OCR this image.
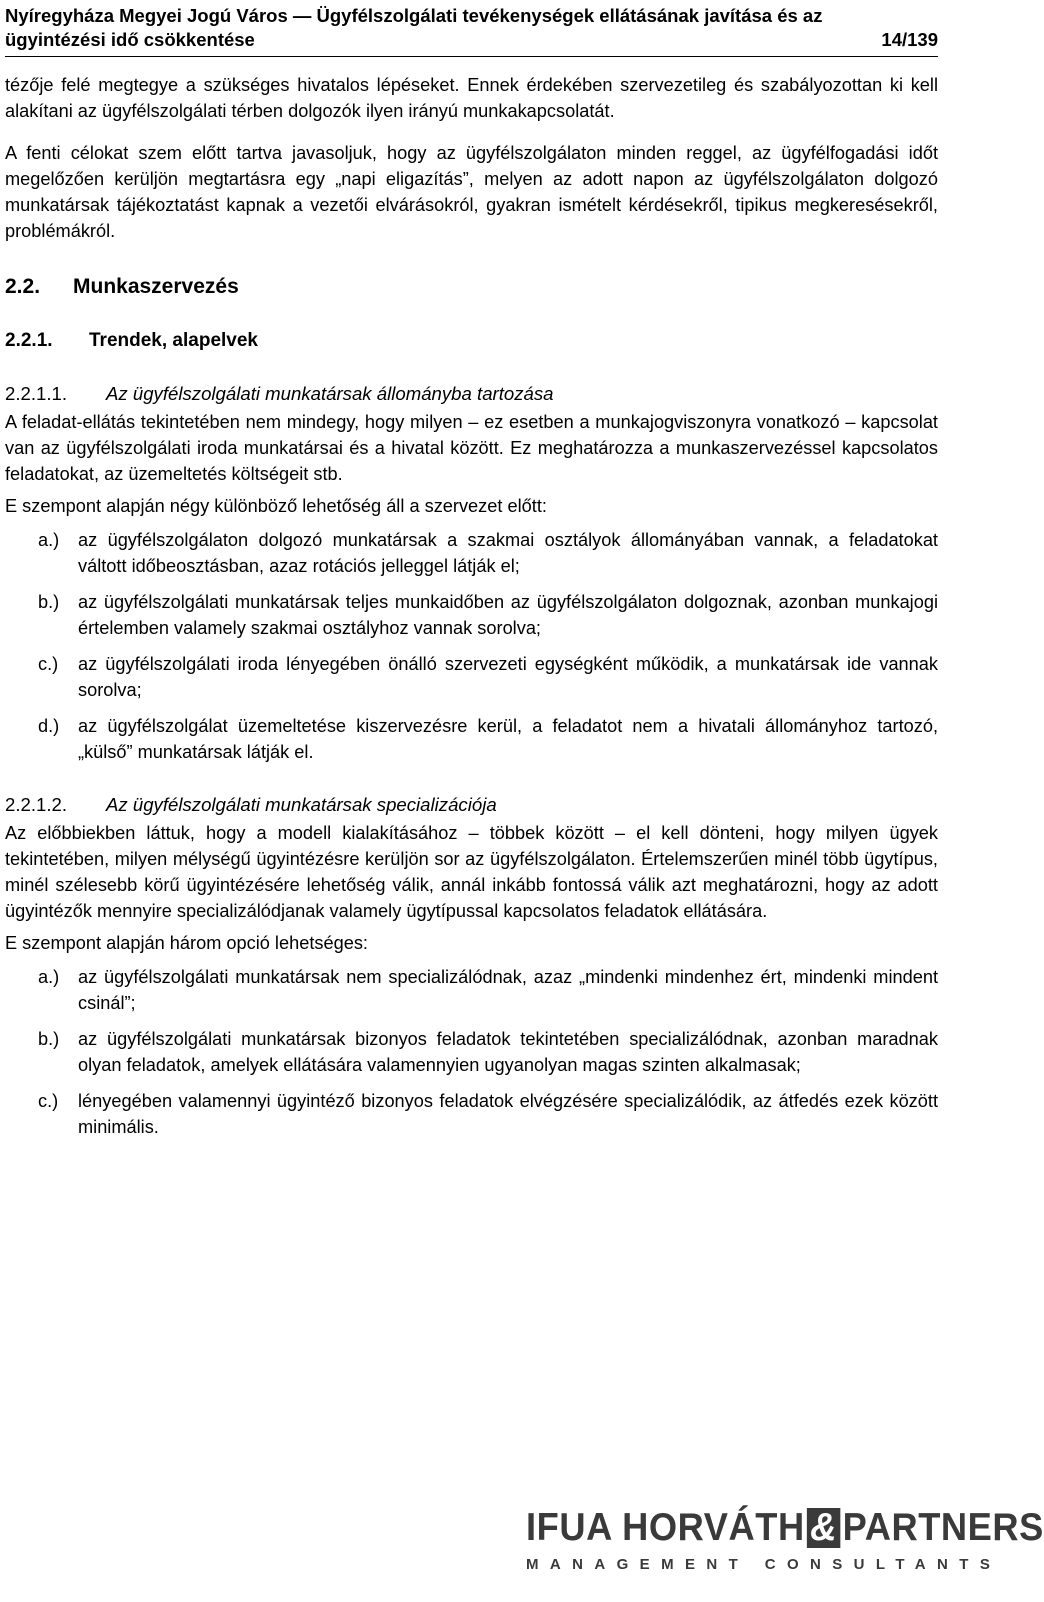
Nyíregyháza Megyei Jogú Város — Ügyfélszolgálati tevékenységek ellátásának javítása és az
ügyintézési idő csökkentése	14/139

tézője felé megtegye a szükséges hivatalos lépéseket. Ennek érdekében szervezetileg és szabályozottan ki kell alakítani az ügyfélszolgálati térben dolgozók ilyen irányú munkakapcsolatát.

A fenti célokat szem előtt tartva javasoljuk, hogy az ügyfélszolgálaton minden reggel, az ügyfélfogadási időt megelőzően kerüljön megtartásra egy „napi eligazítás”, melyen az adott napon az ügyfélszolgálaton dolgozó munkatársak tájékoztatást kapnak a vezetői elvárásokról, gyakran ismételt kérdésekről, tipikus megkeresésekről, problémákról.

2.2.	Munkaszervezés
2.2.1.	Trendek, alapelvek
2.2.1.1.	Az ügyfélszolgálati munkatársak állományba tartozása

A feladat-ellátás tekintetében nem mindegy, hogy milyen – ez esetben a munkajogviszonyra vonatkozó – kapcsolat van az ügyfélszolgálati iroda munkatársai és a hivatal között. Ez meghatározza a munkaszervezéssel kapcsolatos feladatokat, az üzemeltetés költségeit stb.

E szempont alapján négy különböző lehetőség áll a szervezet előtt:

a.)	az ügyfélszolgálaton dolgozó munkatársak a szakmai osztályok állományában vannak, a feladatokat váltott időbeosztásban, azaz rotációs jelleggel látják el;
b.)	az ügyfélszolgálati munkatársak teljes munkaidőben az ügyfélszolgálaton dolgoznak, azonban munkajogi értelemben valamely szakmai osztályhoz vannak sorolva;
c.)	az ügyfélszolgálati iroda lényegében önálló szervezeti egységként működik, a munkatársak ide vannak sorolva;
d.)	az ügyfélszolgálat üzemeltetése kiszervezésre kerül, a feladatot nem a hivatali állományhoz tartozó, „külső” munkatársak látják el.
2.2.1.2.	Az ügyfélszolgálati munkatársak specializációja

Az előbbiekben láttuk, hogy a modell kialakításához – többek között – el kell dönteni, hogy milyen ügyek tekintetében, milyen mélységű ügyintézésre kerüljön sor az ügyfélszolgálaton. Értelemszerűen minél több ügytípus, minél szélesebb körű ügyintézésére lehetőség válik, annál inkább fontossá válik azt meghatározni, hogy az adott ügyintézők mennyire specializálódjanak valamely ügytípussal kapcsolatos feladatok ellátására.

E szempont alapján három opció lehetséges:

a.)	az ügyfélszolgálati munkatársak nem specializálódnak, azaz „mindenki mindenhez ért, mindenki mindent csinál”;
b.)	az ügyfélszolgálati munkatársak bizonyos feladatok tekintetében specializálódnak, azonban maradnak olyan feladatok, amelyek ellátására valamennyien ugyanolyan magas szinten alkalmasak;
c.)	lényegében valamennyi ügyintéző bizonyos feladatok elvégzésére specializálódik, az átfedés ezek között minimális.
IFUA HORVÁTH & PARTNERS
MANAGEMENT CONSULTANTS
